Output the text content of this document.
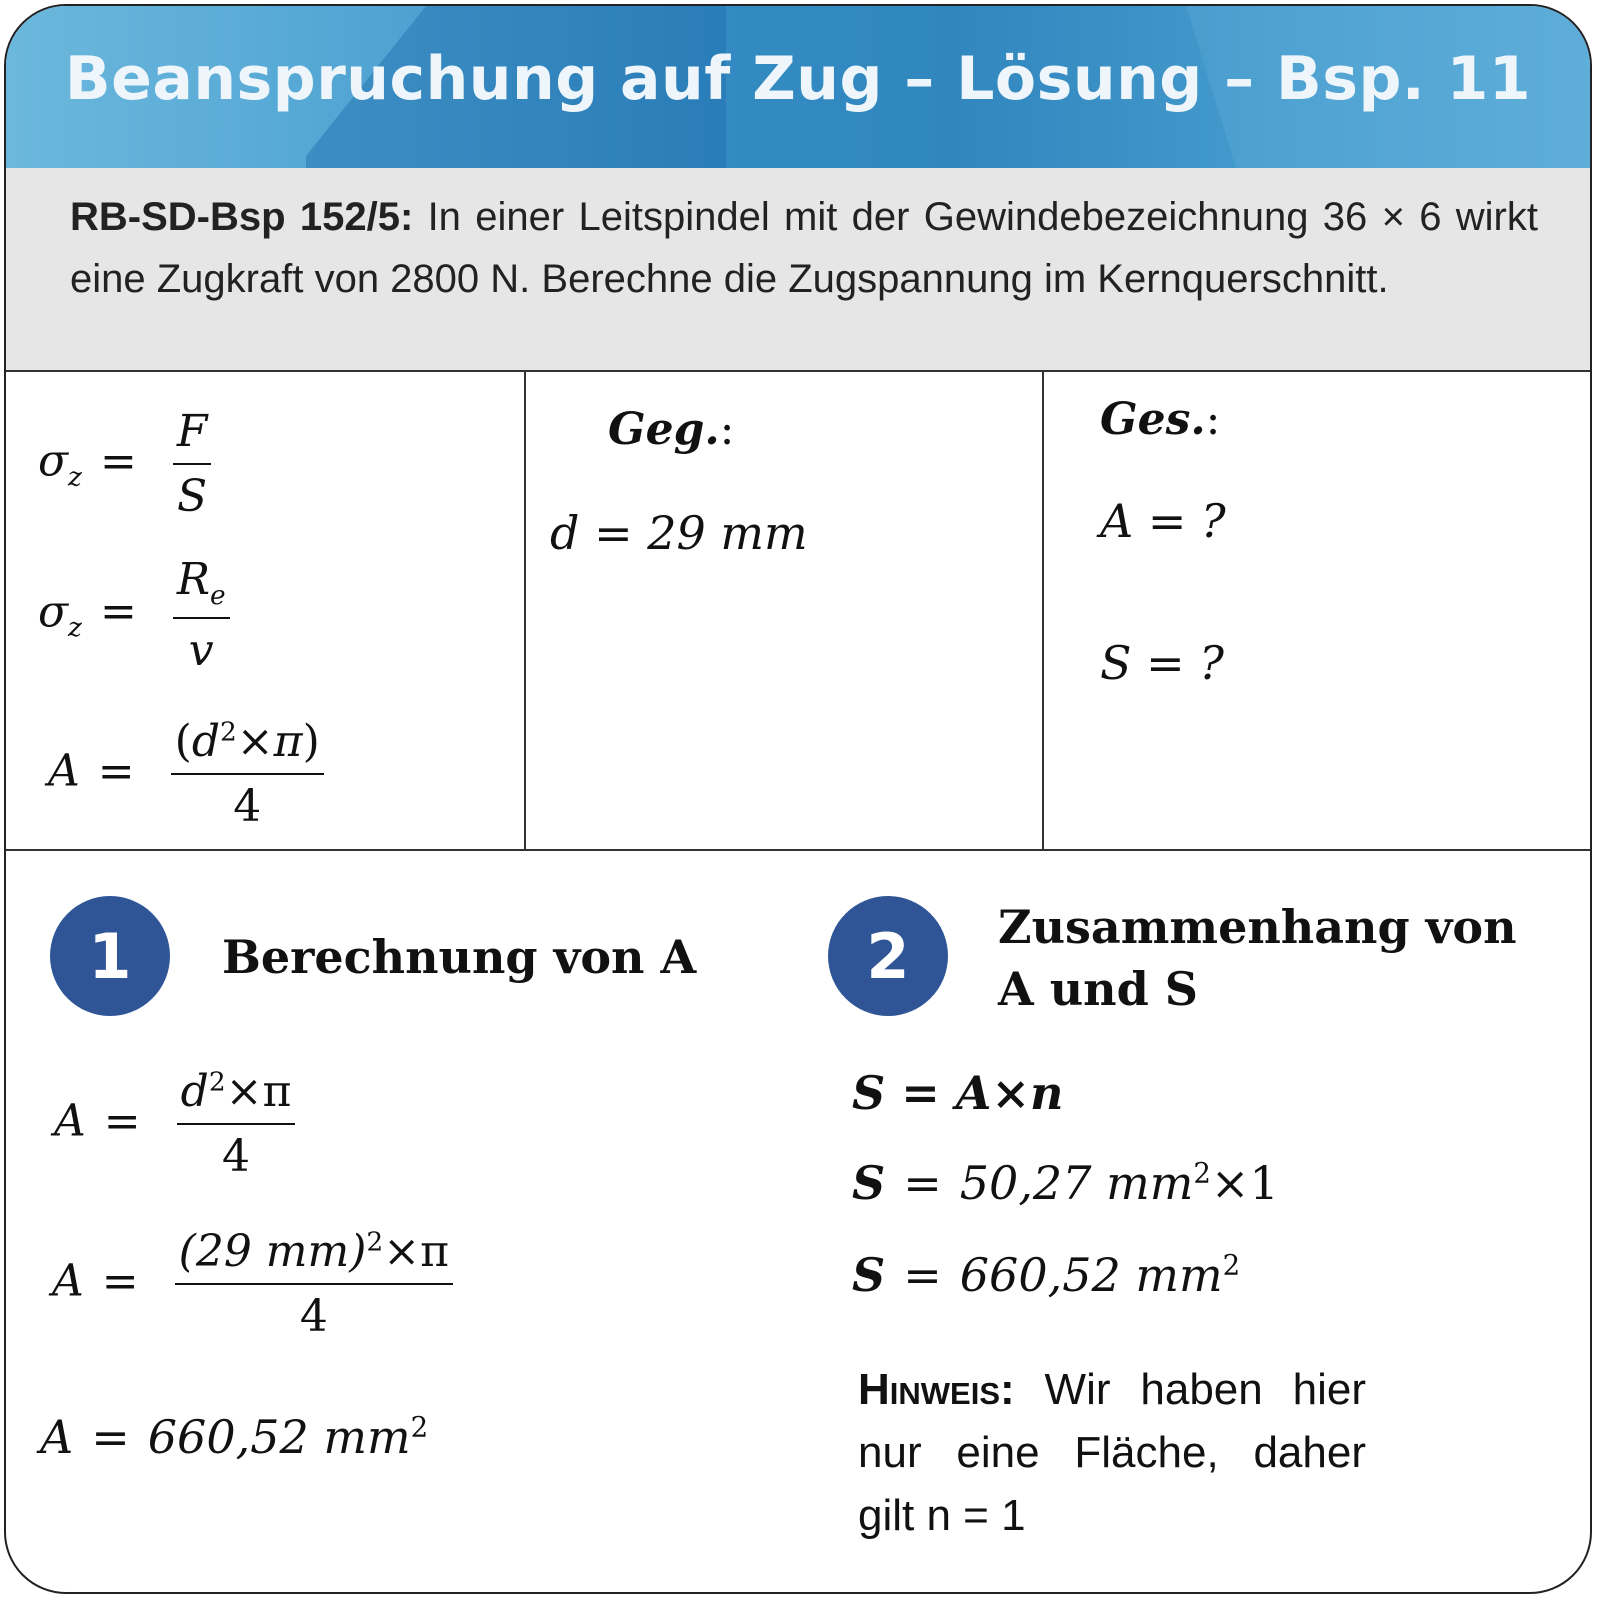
Beanspruchung auf Zug – Lösung – Bsp. 11
RB-SD-Bsp 152/5: In einer Leitspindel mit der Gewindebezeichnung 36 × 6 wirkt eine Zugkraft von 2800 N. Berechne die Zugspannung im Kernquerschnitt.
$\sigma_z = \frac{F}{S}$
$\sigma_z = \frac{R_e}{v}$
$A = \frac{(d^2\times\pi)}{4}$
Geg.:
d = 29 mm
Ges.:
A = ?
S = ?
1	Berechnung von A
$A = \frac{d^2\times\pi}{4}$
$A = \frac{(29 mm)^2\times\pi}{4}$
A = 660,52 $mm^2$
2	Zusammenhang von A und S
S = A×n
S = 50,27 $mm^2\times 1$
S = 660,52 $mm^2$
Hinweis: Wir haben hier nur eine Fläche, daher gilt n = 1
